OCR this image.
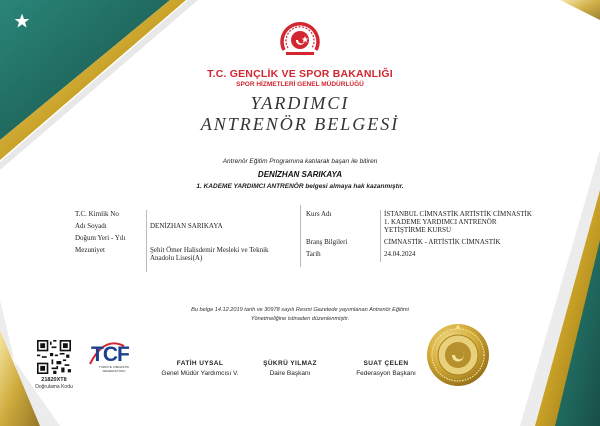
T.C. GENÇLİK VE SPOR BAKANLIĞI
SPOR HİZMETLERİ GENEL MÜDÜRLÜĞÜ
YARDIMCI
ANTRENÖR BELGESİ
Antrenör Eğitim Programına katılarak başarı ile bitiren
DENİZHAN SARIKAYA
1. KADEME YARDIMCI ANTRENÖR belgesi almaya hak kazanmıştır.
T.C. Kimlik No
Adı Soyadı	DENİZHAN SARIKAYA
Doğum Yeri - Yılı
Mezuniyet	Şehit Ömer Halisdemir Mesleki ve Teknik Anadolu Lisesi(A)
Kurs Adı	İSTANBUL CİMNASTİK ARTİSTİK CİMNASTİK 1. KADEME YARDIMCI ANTRENÖR YETİŞTİRME KURSU
Branş Bilgileri	CİMNASTİK - ARTİSTİK CİMNASTİK
Tarih	24.04.2024
Bu belge 14.12.2019 tarih ve 30978 sayılı Resmi Gazetede yayımlanan Antrenör Eğitimi
Yönetmeliğine istinaden düzenlenmiştir.
21820XT8
Doğrulama Kodu
TCF
TÜRKİYE CİMNASTİK FEDERASYONU
FATİH UYSAL
Genel Müdür Yardımcısı V.
ŞÜKRÜ YILMAZ
Daire Başkanı
SUAT ÇELEN
Federasyon Başkanı
